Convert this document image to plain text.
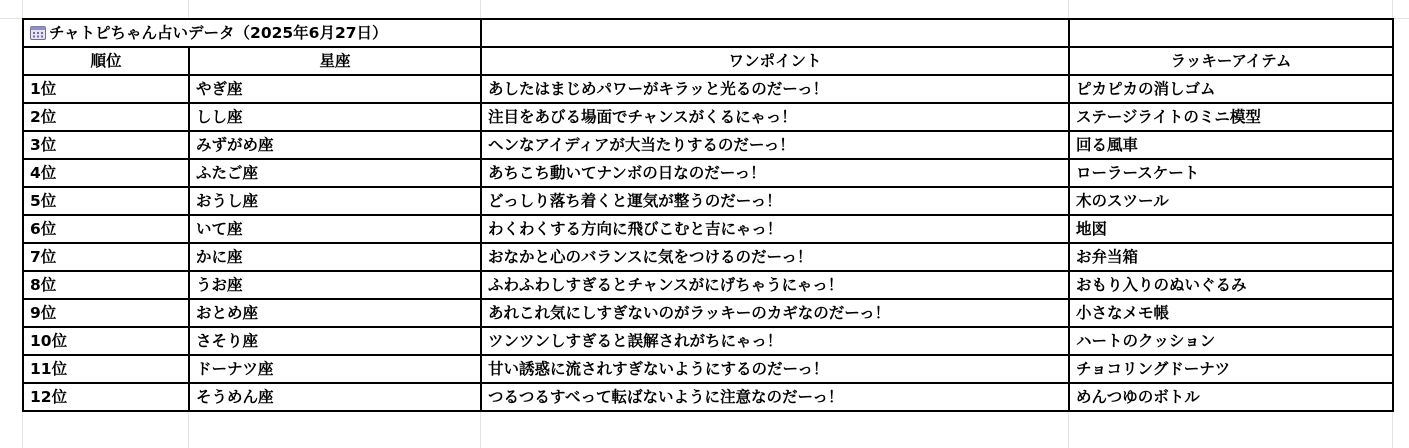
チャトピちゃん占いデータ（2025年6月27日）			
順位	星座	ワンポイント	ラッキーアイテム
1位	やぎ座	あしたはまじめパワーがキラッと光るのだーっ！	ピカピカの消しゴム
2位	しし座	注目をあびる場面でチャンスがくるにゃっ！	ステージライトのミニ模型
3位	みずがめ座	ヘンなアイディアが大当たりするのだーっ！	回る風車
4位	ふたご座	あちこち動いてナンボの日なのだーっ！	ローラースケート
5位	おうし座	どっしり落ち着くと運気が整うのだーっ！	木のスツール
6位	いて座	わくわくする方向に飛びこむと吉にゃっ！	地図
7位	かに座	おなかと心のバランスに気をつけるのだーっ！	お弁当箱
8位	うお座	ふわふわしすぎるとチャンスがにげちゃうにゃっ！	おもり入りのぬいぐるみ
9位	おとめ座	あれこれ気にしすぎないのがラッキーのカギなのだーっ！	小さなメモ帳
10位	さそり座	ツンツンしすぎると誤解されがちにゃっ！	ハートのクッション
11位	ドーナツ座	甘い誘惑に流されすぎないようにするのだーっ！	チョコリングドーナツ
12位	そうめん座	つるつるすべって転ばないように注意なのだーっ！	めんつゆのボトル
